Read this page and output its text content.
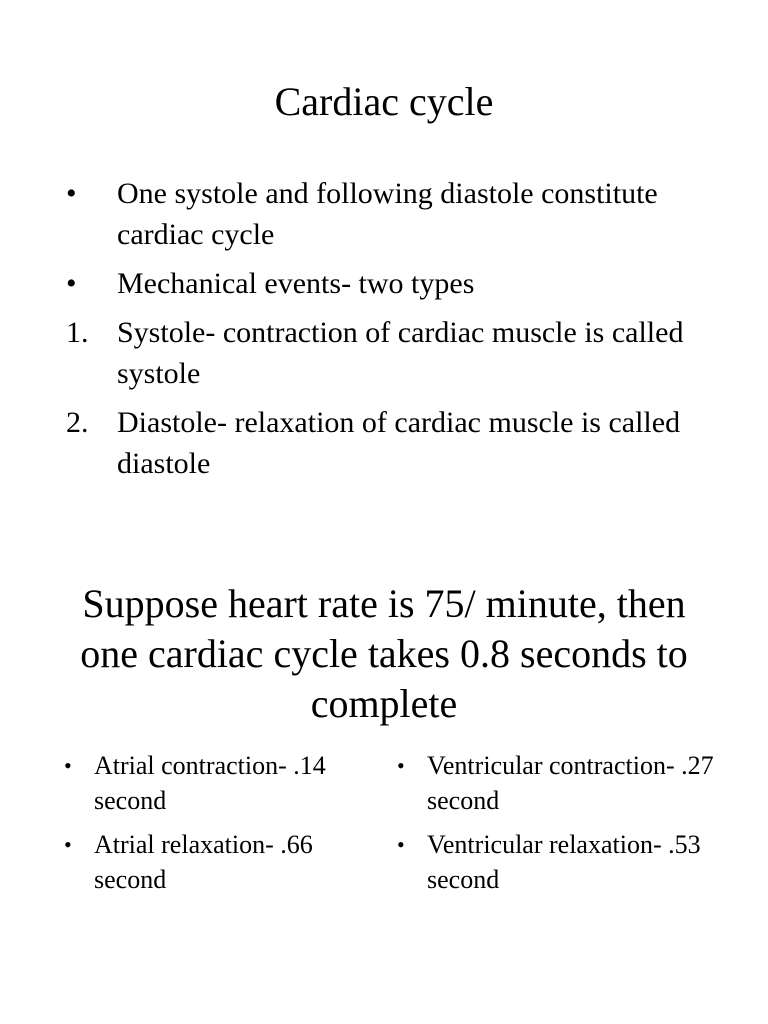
Cardiac cycle
• One systole and following diastole constitute cardiac cycle
• Mechanical events- two types
1. Systole- contraction of cardiac muscle is called systole
2. Diastole- relaxation of cardiac muscle is called diastole
Suppose heart rate is 75/ minute, then one cardiac cycle takes 0.8 seconds to complete
• Atrial contraction- .14 second
• Atrial relaxation- .66 second
• Ventricular contraction- .27 second
• Ventricular relaxation- .53 second
